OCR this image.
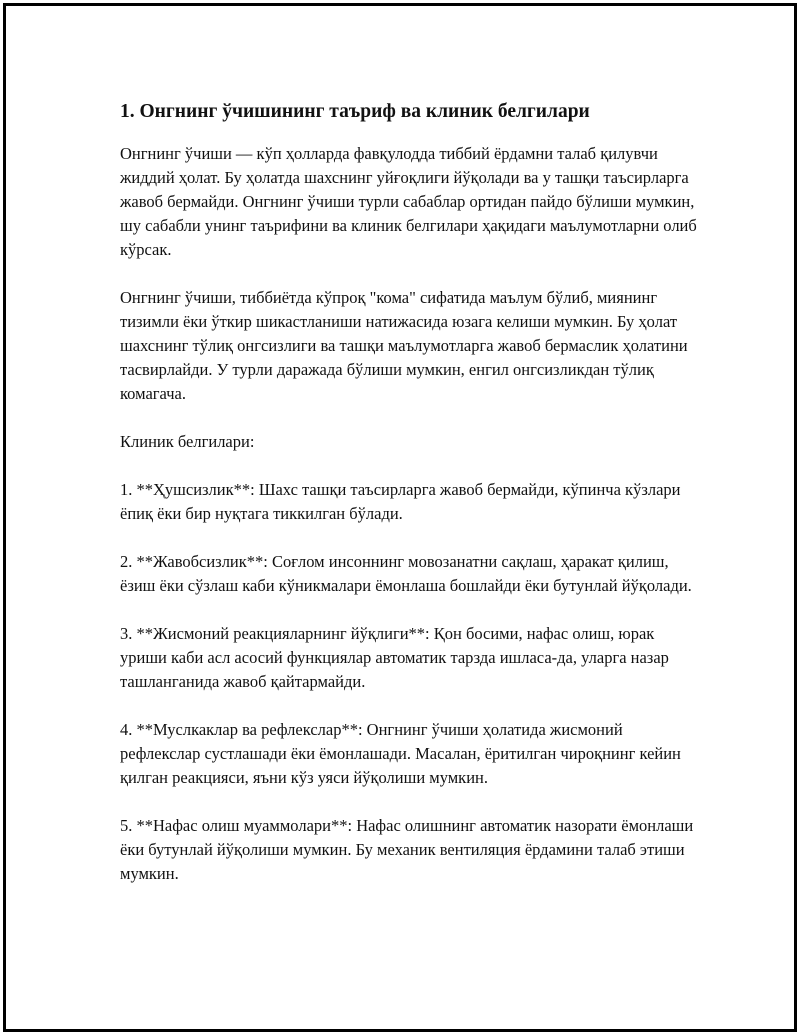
1. Онгнинг ўчишининг таъриф ва клиник белгилари

Онгнинг ўчиши — кўп ҳолларда фавқулодда тиббий ёрдамни талаб қилувчи жиддий ҳолат. Бу ҳолатда шахснинг уйғоқлиги йўқолади ва у ташқи таъсирларга жавоб бермайди. Онгнинг ўчиши турли сабаблар ортидан пайдо бўлиши мумкин, шу сабабли унинг таърифини ва клиник белгилари ҳақидаги маълумотларни олиб кўрсак.

Онгнинг ўчиши, тиббиётда кўпроқ "кома" сифатида маълум бўлиб, миянинг тизимли ёки ўткир шикастланиши натижасида юзага келиши мумкин. Бу ҳолат шахснинг тўлиқ онгсизлиги ва ташқи маълумотларга жавоб бермаслик ҳолатини тасвирлайди. У турли даражада бўлиши мумкин, енгил онгсизликдан тўлиқ комагача.

Клиник белгилари:

1. **Ҳушсизлик**: Шахс ташқи таъсирларга жавоб бермайди, кўпинча кўзлари ёпиқ ёки бир нуқтага тиккилган бўлади.

2. **Жавобсизлик**: Соғлом инсоннинг мовозанатни сақлаш, ҳаракат қилиш, ёзиш ёки сўзлаш каби кўникмалари ёмонлаша бошлайди ёки бутунлай йўқолади.

3. **Жисмоний реакцияларнинг йўқлиги**: Қон босими, нафас олиш, юрак уриши каби асл асосий функциялар автоматик тарзда ишласа-да, уларга назар ташланганида жавоб қайтармайди.

4. **Муслкаклар ва рефлекслар**: Онгнинг ўчиши ҳолатида жисмоний рефлекслар сустлашади ёки ёмонлашади. Масалан, ёритилган чироқнинг кейин қилган реакцияси, яъни кўз уяси йўқолиши мумкин.

5. **Нафас олиш муаммолари**: Нафас олишнинг автоматик назорати ёмонлаши ёки бутунлай йўқолиши мумкин. Бу механик вентиляция ёрдамини талаб этиши мумкин.
